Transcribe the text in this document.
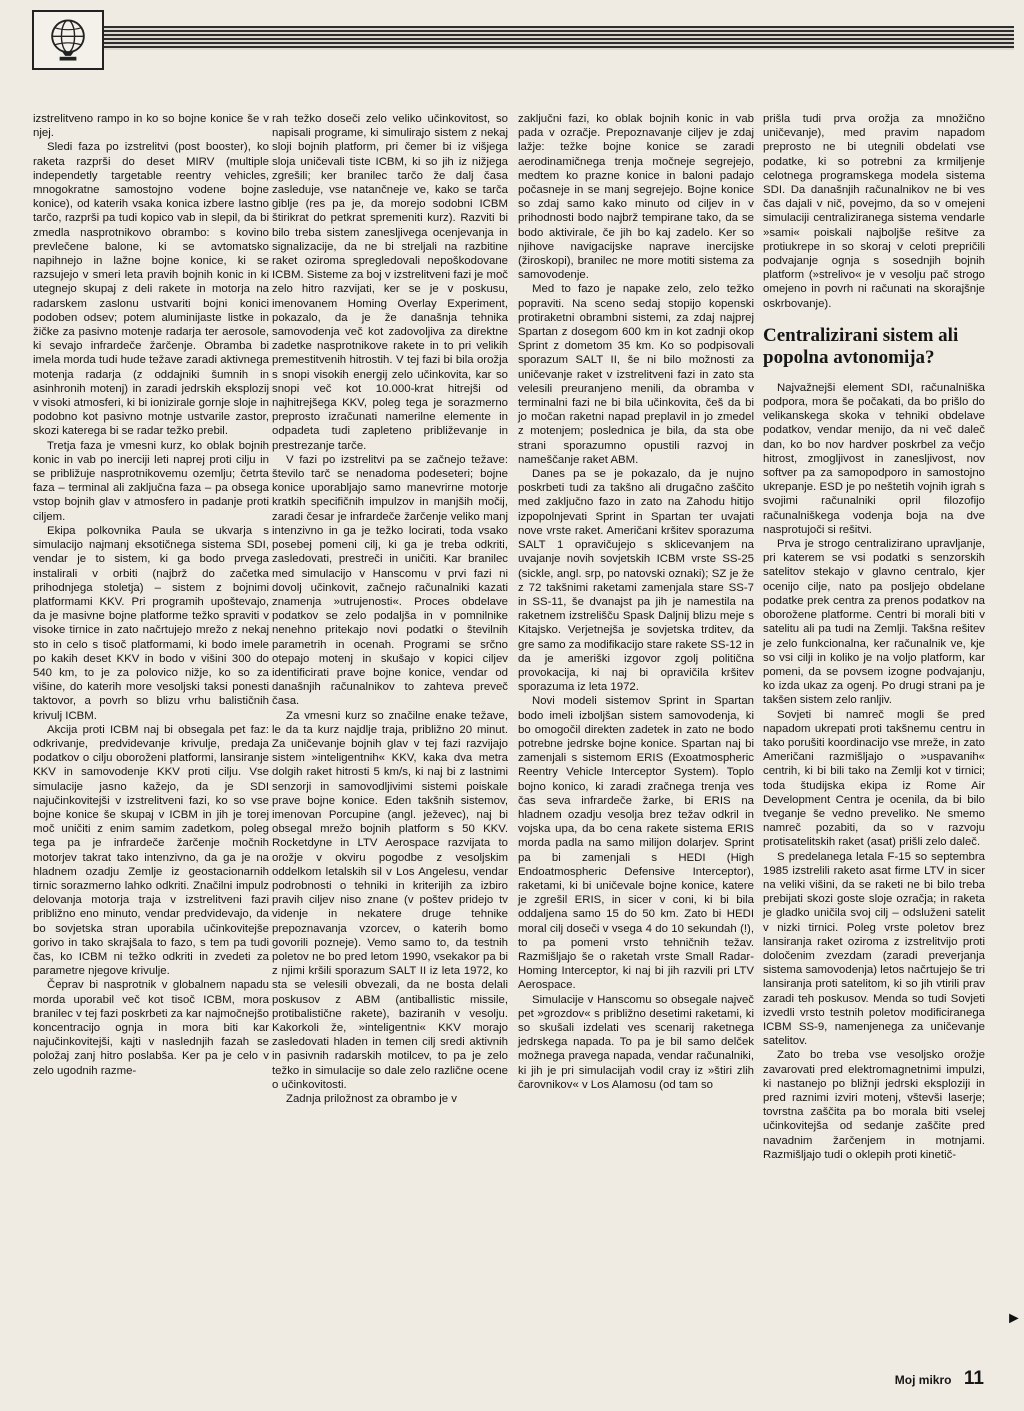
izstrelitveno rampo in ko so bojne konice še v njej.

Sledi faza po izstrelitvi (post booster), ko raketa razprši do deset MIRV (multiple independetly targetable reentry vehicles, mnogokratne samostojno vodene bojne konice), od katerih vsaka konica izbere lastno tarčo, razprši pa tudi kopico vab in slepil, da bi zmedla nasprotnikovo obrambo: s kovino prevlečene balone, ki se avtomatsko napihnejo in lažne bojne konice, ki se razsujejo v smeri leta pravih bojnih konic in ki utegnejo skupaj z deli rakete in motorja na radarskem zaslonu ustvariti bojni konici podoben odsev; potem aluminijaste listke in žičke za pasivno motenje radarja ter aerosole, ki sevajo infrardeče žarčenje. Obramba bi imela morda tudi hude težave zaradi aktivnega motenja radarja (z oddajniki šumnih in asinhronih motenj) in zaradi jedrskih eksplozij v visoki atmosferi, ki bi ionizirale gornje sloje in podobno kot pasivno motnje ustvarile zastor, skozi katerega bi se radar težko prebil.

Tretja faza je vmesni kurz, ko oblak bojnih konic in vab po inerciji leti naprej proti cilju in se približuje nasprotnikovemu ozemlju; četrta faza – terminal ali zaključna faza – pa obsega vstop bojnih glav v atmosfero in padanje proti ciljem.

Ekipa polkovnika Paula se ukvarja s simulacijo najmanj eksotičnega sistema SDI, vendar je to sistem, ki ga bodo prvega instalirali v orbiti (najbrž do začetka prihodnjega stoletja) – sistem z bojnimi platformami KKV. Pri programih upoštevajo, da je masivne bojne platforme težko spraviti v visoke tirnice in zato načrtujejo mrežo z nekaj sto in celo s tisoč platformami, ki bodo imele po kakih deset KKV in bodo v višini 300 do 540 km, to je za polovico nižje, ko so za višine, do katerih more vesoljski taksi ponesti taktovor, a povrh so blizu vrhu balističnih krivulj ICBM.

Akcija proti ICBM naj bi obsegala pet faz: odkrivanje, predvidevanje krivulje, predaja podatkov o cilju oboroženi platformi, lansiranje KKV in samovodenje KKV proti cilju. Vse simulacije jasno kažejo, da je SDI najučinkovitejši v izstrelitveni fazi, ko so vse bojne konice še skupaj v ICBM in jih je torej moč uničiti z enim samim zadetkom, poleg tega pa je infrardeče žarčenje močnih motorjev takrat tako intenzivno, da ga je na hladnem ozadju Zemlje iz geostacionarnih tirnic sorazmerno lahko odkriti. Značilni impulz delovanja motorja traja v izstrelitveni fazi približno eno minuto, vendar predvidevajo, da bo sovjetska stran uporabila učinkovitejše gorivo in tako skrajšala to fazo, s tem pa tudi čas, ko ICBM ni težko odkriti in zvedeti za parametre njegove krivulje.

Čeprav bi nasprotnik v globalnem napadu morda uporabil več kot tisoč ICBM, mora branilec v tej fazi poskrbeti za kar najmočnejšo koncentracijo ognja in mora biti kar najučinkovitejši, kajti v naslednjih fazah se položaj zanj hitro poslabša. Ker pa je celo v zelo ugodnih razme-

rah težko doseči zelo veliko učinkovitost, so napisali programe, ki simulirajo sistem z nekaj sloji bojnih platform, pri čemer bi iz višjega sloja uničevali tiste ICBM, ki so jih iz nižjega zgrešili; ker branilec tarčo že dalj časa zasleduje, vse natančneje ve, kako se tarča giblje (res pa je, da morejo sodobni ICBM štirikrat do petkrat spremeniti kurz). Razviti bi bilo treba sistem zanesljivega ocenjevanja in signalizacije, da ne bi streljali na razbitine raket oziroma spregledovali nepoškodovane ICBM. Sisteme za boj v izstrelitveni fazi je moč zelo hitro razvijati, ker se je v poskusu, imenovanem Homing Overlay Experiment, pokazalo, da je že današnja tehnika samovodenja več kot zadovoljiva za direktne zadetke nasprotnikove rakete in to pri velikih premestitvenih hitrostih. V tej fazi bi bila orožja s snopi visokih energij zelo učinkovita, kar so snopi več kot 10.000-krat hitrejši od najhitrejšega KKV, poleg tega je sorazmerno preprosto izračunati namerilne elemente in odpadeta tudi zapleteno približevanje in prestrezanje tarče.

V fazi po izstrelitvi pa se začnejo težave: število tarč se nenadoma podeseteri; bojne konice uporabljajo samo manevrirne motorje kratkih specifičnih impulzov in manjših močij, zaradi česar je infrardeče žarčenje veliko manj intenzivno in ga je težko locirati, toda vsako posebej pomeni cilj, ki ga je treba odkriti, zasledovati, prestreči in uničiti. Kar branilec med simulacijo v Hanscomu v prvi fazi ni dovolj učinkovit, začnejo računalniki kazati znamenja »utrujenosti«. Proces obdelave podatkov se zelo podaljša in v pomnilnike nenehno pritekajo novi podatki o številnih parametrih in ocenah. Programi se srčno otepajo motenj in skušajo v kopici ciljev identificirati prave bojne konice, vendar od današnjih računalnikov to zahteva preveč časa.

Za vmesni kurz so značilne enake težave, le da ta kurz najdlje traja, približno 20 minut. Za uničevanje bojnih glav v tej fazi razvijajo sistem »inteligentnih« KKV, kaka dva metra dolgih raket hitrosti 5 km/s, ki naj bi z lastnimi senzorji in samovodljivimi sistemi poiskale prave bojne konice. Eden takšnih sistemov, imenovan Porcupine (angl. ježevec), naj bi obsegal mrežo bojnih platform s 50 KKV. Rocketdyne in LTV Aerospace razvijata to orožje v okviru pogodbe z vesoljskim oddelkom letalskih sil v Los Angelesu, vendar podrobnosti o tehniki in kriterijih za izbiro pravih ciljev niso znane (v poštev pridejo tv videnje in nekatere druge tehnike prepoznavanja vzorcev, o katerih bomo govorili pozneje). Vemo samo to, da testnih poletov ne bo pred letom 1990, vsekakor pa bi z njimi kršili sporazum SALT II iz leta 1972, ko sta se velesili obvezali, da ne bosta delali poskusov z ABM (antiballistic missile, protibalistične rakete), baziranih v vesolju. Kakorkoli že, »inteligentni« KKV morajo zasledovati hladen in temen cilj sredi aktivnih in pasivnih radarskih motilcev, to pa je zelo težko in simulacije so dale zelo različne ocene o učinkovitosti.

Zadnja priložnost za obrambo je v

zaključni fazi, ko oblak bojnih konic in vab pada v ozračje. Prepoznavanje ciljev je zdaj lažje: težke bojne konice se zaradi aerodinamičnega trenja močneje segrejejo, medtem ko prazne konice in baloni padajo počasneje in se manj segrejejo. Bojne konice so zdaj samo kako minuto od ciljev in v prihodnosti bodo najbrž tempirane tako, da se bodo aktivirale, če jih bo kaj zadelo. Ker so njihove navigacijske naprave inercijske (žiroskopi), branilec ne more motiti sistema za samovodenje.

Med to fazo je napake zelo, zelo težko popraviti. Na sceno sedaj stopijo kopenski protiraketni obrambni sistemi, za zdaj najprej Spartan z dosegom 600 km in kot zadnji okop Sprint z dometom 35 km. Ko so podpisovali sporazum SALT II, še ni bilo možnosti za uničevanje raket v izstrelitveni fazi in zato sta velesili preuranjeno menili, da obramba v terminalni fazi ne bi bila učinkovita, češ da bi jo močan raketni napad preplavil in jo zmedel z motenjem; poslednica je bila, da sta obe strani sporazumno opustili razvoj in nameščanje raket ABM.

Danes pa se je pokazalo, da je nujno poskrbeti tudi za takšno ali drugačno zaščito med zaključno fazo in zato na Zahodu hitijo izpopolnjevati Sprint in Spartan ter uvajati nove vrste raket. Američani kršitev sporazuma SALT 1 opravičujejo s sklicevanjem na uvajanje novih sovjetskih ICBM vrste SS-25 (sickle, angl. srp, po natovski oznaki); SZ je že z 72 takšnimi raketami zamenjala stare SS-7 in SS-11, še dvanajst pa jih je namestila na raketnem izstrelišču Spask Daljnij blizu meje s Kitajsko. Verjetnejša je sovjetska trditev, da gre samo za modifikacijo stare rakete SS-12 in da je ameriški izgovor zgolj politična provokacija, ki naj bi opravičila kršitev sporazuma iz leta 1972.

Novi modeli sistemov Sprint in Spartan bodo imeli izboljšan sistem samovodenja, ki bo omogočil direkten zadetek in zato ne bodo potrebne jedrske bojne konice. Spartan naj bi zamenjali s sistemom ERIS (Exoatmospheric Reentry Vehicle Interceptor System). Toplo bojno konico, ki zaradi zračnega trenja ves čas seva infrardeče žarke, bi ERIS na hladnem ozadju vesolja brez težav odkril in vojska upa, da bo cena rakete sistema ERIS morda padla na samo milijon dolarjev. Sprint pa bi zamenjali s HEDI (High Endoatmospheric Defensive Interceptor), raketami, ki bi uničevale bojne konice, katere je zgrešil ERIS, in sicer v coni, ki bi bila oddaljena samo 15 do 50 km. Zato bi HEDI moral cilj doseči v vsega 4 do 10 sekundah (!), to pa pomeni vrsto tehničnih težav. Razmišljajo še o raketah vrste Small Radar-Homing Interceptor, ki naj bi jih razvili pri LTV Aerospace.

Simulacije v Hanscomu so obsegale največ pet »grozdov« s približno desetimi raketami, ki so skušali izdelati ves scenarij raketnega jedrskega napada. To pa je bil samo delček možnega pravega napada, vendar računalniki, ki jih je pri simulacijah vodil cray iz »štiri zlih čarovnikov« v Los Alamosu (od tam so

prišla tudi prva orožja za množično uničevanje), med pravim napadom preprosto ne bi utegnili obdelati vse podatke, ki so potrebni za krmiljenje celotnega programskega modela sistema SDI. Da današnjih računalnikov ne bi ves čas dajali v nič, povejmo, da so v omejeni simulaciji centraliziranega sistema vendarle »sami« poiskali najboljše rešitve za protiukrepe in so skoraj v celoti prepričili podvajanje ognja s sosednjih bojnih platform (»strelivo« je v vesolju pač strogo omejeno in povrh ni računati na skorajšnje oskrbovanje).

Centralizirani sistem ali popolna avtonomija?

Najvažnejši element SDI, računalniška podpora, mora še počakati, da bo prišlo do velikanskega skoka v tehniki obdelave podatkov, vendar menijo, da ni več daleč dan, ko bo nov hardver poskrbel za večjo hitrost, zmogljivost in zanesljivost, nov softver pa za samopodporo in samostojno ukrepanje. ESD je po neštetih vojnih igrah s svojimi računalniki opril filozofijo računalniškega vodenja boja na dve nasprotujoči si rešitvi.

Prva je strogo centralizirano upravljanje, pri katerem se vsi podatki s senzorskih satelitov stekajo v glavno centralo, kjer ocenijo cilje, nato pa posljejo obdelane podatke prek centra za prenos podatkov na oborožene platforme. Centri bi morali biti v satelitu ali pa tudi na Zemlji. Takšna rešitev je zelo funkcionalna, ker računalnik ve, kje so vsi cilji in koliko je na voljo platform, kar pomeni, da se povsem izogne podvajanju, ko izda ukaz za ogenj. Po drugi strani pa je takšen sistem zelo ranljiv.

Sovjeti bi namreč mogli še pred napadom ukrepati proti takšnemu centru in tako porušiti koordinacijo vse mreže, in zato Američani razmišljajo o »uspavanih« centrih, ki bi bili tako na Zemlji kot v tirnici; toda študijska ekipa iz Rome Air Development Centra je ocenila, da bi bilo tveganje še vedno preveliko. Ne smemo namreč pozabiti, da so v razvoju protisatelitskih raket (asat) prišli zelo daleč.

S predelanega letala F-15 so septembra 1985 izstrelili raketo asat firme LTV in sicer na veliki višini, da se raketi ne bi bilo treba prebijati skozi goste sloje ozračja; in raketa je gladko uničila svoj cilj – odsluženi satelit v nizki tirnici. Poleg vrste poletov brez lansiranja raket oziroma z izstrelitvijo proti določenim zvezdam (zaradi preverjanja sistema samovodenja) letos načrtujejo še tri lansiranja proti satelitom, ki so jih vtirili prav zaradi teh poskusov. Menda so tudi Sovjeti izvedli vrsto testnih poletov modificiranega ICBM SS-9, namenjenega za uničevanje satelitov.

Zato bo treba vse vesoljsko orožje zavarovati pred elektromagnetnimi impulzi, ki nastanejo po bližnji jedrski eksploziji in pred raznimi izviri motenj, vštevši laserje; tovrstna zaščita pa bo morala biti vselej učinkovitejša od sedanje zaščite pred navadnim žarčenjem in motnjami. Razmišljajo tudi o oklepih proti kinetič-

►
Moj mikro 11
